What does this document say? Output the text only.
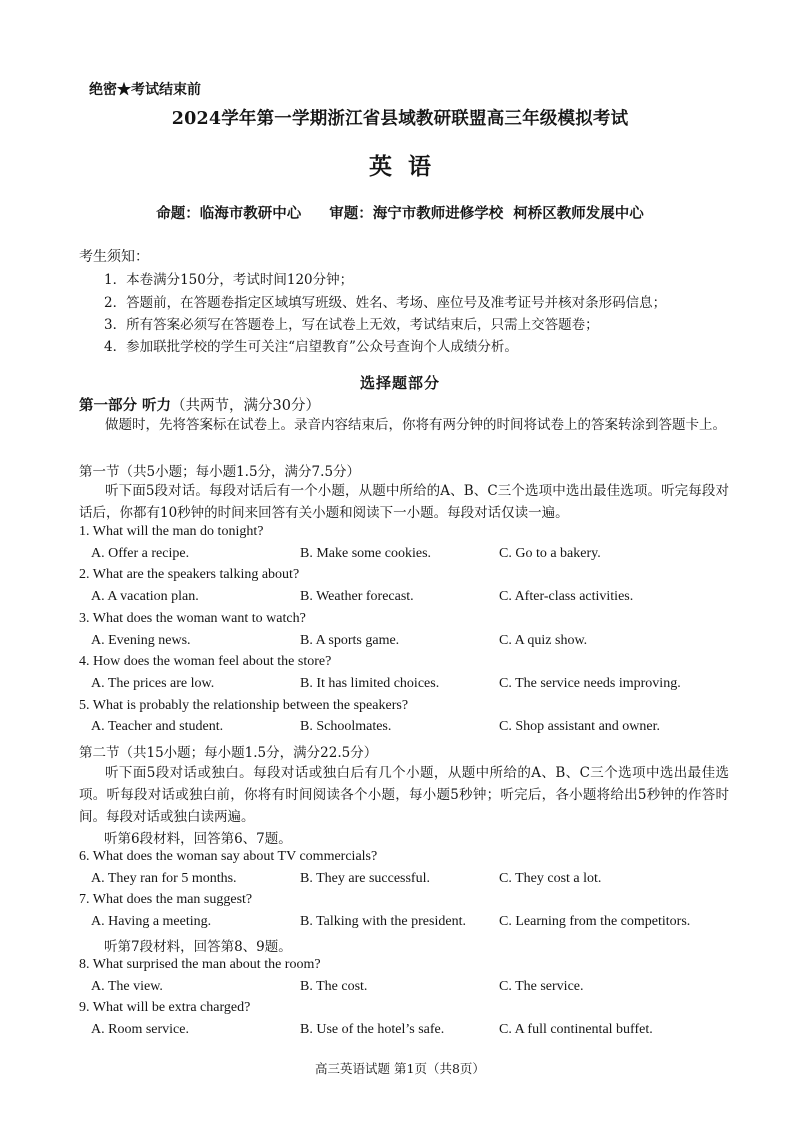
绝密★考试结束前
2024学年第一学期浙江省县域教研联盟高三年级模拟考试
英语
命题：临海市教研中心 审题：海宁市教师进修学校 柯桥区教师发展中心
考生须知：
1．本卷满分150分，考试时间120分钟；
2．答题前，在答题卷指定区域填写班级、姓名、考场、座位号及准考证号并核对条形码信息；
3．所有答案必须写在答题卷上，写在试卷上无效，考试结束后，只需上交答题卷；
4．参加联批学校的学生可关注“启望教育”公众号查询个人成绩分析。
选择题部分
第一部分 听力（共两节，满分30分）
做题时，先将答案标在试卷上。录音内容结束后，你将有两分钟的时间将试卷上的答案转涂到答题卡上。
第一节（共5小题；每小题1.5分，满分7.5分）
听下面5段对话。每段对话后有一个小题，从题中所给的A、B、C三个选项中选出最佳选项。听完每段对话后，你都有10秒钟的时间来回答有关小题和阅读下一小题。每段对话仅读一遍。
1. What will the man do tonight?
A. Offer a recipe.	B. Make some cookies.	C. Go to a bakery.
2. What are the speakers talking about?
A. A vacation plan.	B. Weather forecast.	C. After-class activities.
3. What does the woman want to watch?
A. Evening news.	B. A sports game.	C. A quiz show.
4. How does the woman feel about the store?
A. The prices are low.	B. It has limited choices.	C. The service needs improving.
5. What is probably the relationship between the speakers?
A. Teacher and student.	B. Schoolmates.	C. Shop assistant and owner.
第二节（共15小题；每小题1.5分，满分22.5分）
听下面5段对话或独白。每段对话或独白后有几个小题，从题中所给的A、B、C三个选项中选出最佳选项。听每段对话或独白前，你将有时间阅读各个小题，每小题5秒钟；听完后，各小题将给出5秒钟的作答时间。每段对话或独白读两遍。
听第6段材料，回答第6、7题。
6. What does the woman say about TV commercials?
A. They ran for 5 months.	B. They are successful.	C. They cost a lot.
7. What does the man suggest?
A. Having a meeting.	B. Talking with the president. C. Learning from the competitors.
听第7段材料，回答第8、9题。
8. What surprised the man about the room?
A. The view.	B. The cost.	C. The service.
9. What will be extra charged?
A. Room service.	B. Use of the hotel’s safe.	C. A full continental buffet.
高三英语试题 第1页（共8页）
